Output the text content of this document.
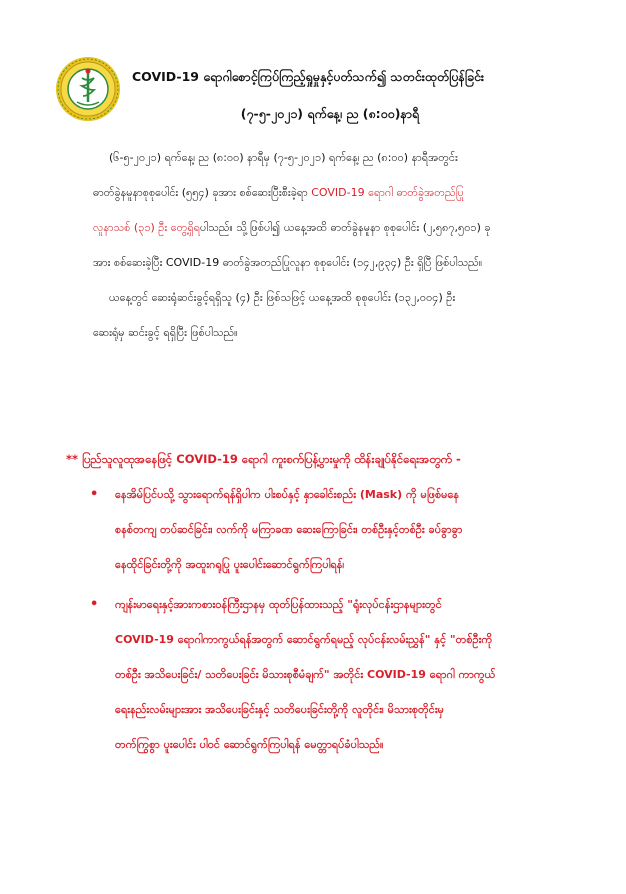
COVID-19 ရောဂါစောင့်ကြပ်ကြည့်ရှုမှုနှင့်ပတ်သက်၍ သတင်းထုတ်ပြန်ခြင်း
(၇-၅-၂၀၂၁) ရက်နေ့၊ ည (၈:၀၀)နာရီ
(၆-၅-၂၀၂၁) ရက်နေ့၊ ည (၈:၀၀) နာရီမှ (၇-၅-၂၀၂၁) ရက်နေ့၊ ည (၈:၀၀) နာရီအတွင်း
ဓာတ်ခွဲနမူနာစုစုပေါင်း (၅၅၄) ခုအား စစ်ဆေးပြီးစီးခဲ့ရာ COVID-19 ရောဂါ ဓာတ်ခွဲအတည်ပြု
လူနာသစ် (၃၁) ဦး တွေ့ရှိရပါသည်။ သို့ဖြစ်ပါ၍ ယနေ့အထိ ဓာတ်ခွဲနမူနာ စုစုပေါင်း (၂,၅၈၇,၅၀၁) ခု
အား စစ်ဆေးခဲ့ပြီး COVID-19 ဓာတ်ခွဲအတည်ပြုလူနာ စုစုပေါင်း (၁၄၂,၉၃၄) ဦး ရှိပြီ ဖြစ်ပါသည်။
ယနေ့တွင် ဆေးရုံဆင်းခွင့်ရရှိသူ (၄) ဦး ဖြစ်သဖြင့် ယနေ့အထိ စုစုပေါင်း (၁၃၂,၀၀၄) ဦး
ဆေးရုံမှ ဆင်းခွင့် ရရှိပြီး ဖြစ်ပါသည်။
** ပြည်သူလူထုအနေဖြင့် COVID-19 ရောဂါ ကူးစက်ပြန့်ပွားမှုကို ထိန်းချုပ်နိုင်ရေးအတွက် -
• နေအိမ်ပြင်ပသို့ သွားရောက်ရန်ရှိပါက ပါးစပ်နှင့် နှာခေါင်းစည်း (Mask) ကို မဖြစ်မနေ
စနစ်တကျ တပ်ဆင်ခြင်း၊ လက်ကို မကြာခဏ ဆေးကြောခြင်း၊ တစ်ဦးနှင့်တစ်ဦး ခပ်ခွာခွာ
နေထိုင်ခြင်းတို့ကို အထူးဂရုပြု ပူးပေါင်းဆောင်ရွက်ကြပါရန်၊
• ကျန်းမာရေးနှင့်အားကစားဝန်ကြီးဌာနမှ ထုတ်ပြန်ထားသည့် "ရုံးလုပ်ငန်းဌာနများတွင်
COVID-19 ရောဂါကာကွယ်ရန်အတွက် ဆောင်ရွက်ရမည့် လုပ်ငန်းလမ်းညွှန်" နှင့် "တစ်ဦးကို
တစ်ဦး အသိပေးခြင်း/ သတိပေးခြင်း မိသားစုစီမံချက်" အတိုင်း COVID-19 ရောဂါ ကာကွယ်
ရေးနည်းလမ်းများအား အသိပေးခြင်းနှင့် သတိပေးခြင်းတို့ကို လူတိုင်း၊ မိသားစုတိုင်းမှ
တက်ကြွစွာ ပူးပေါင်း ပါဝင် ဆောင်ရွက်ကြပါရန် မေတ္တာရပ်ခံပါသည်။
